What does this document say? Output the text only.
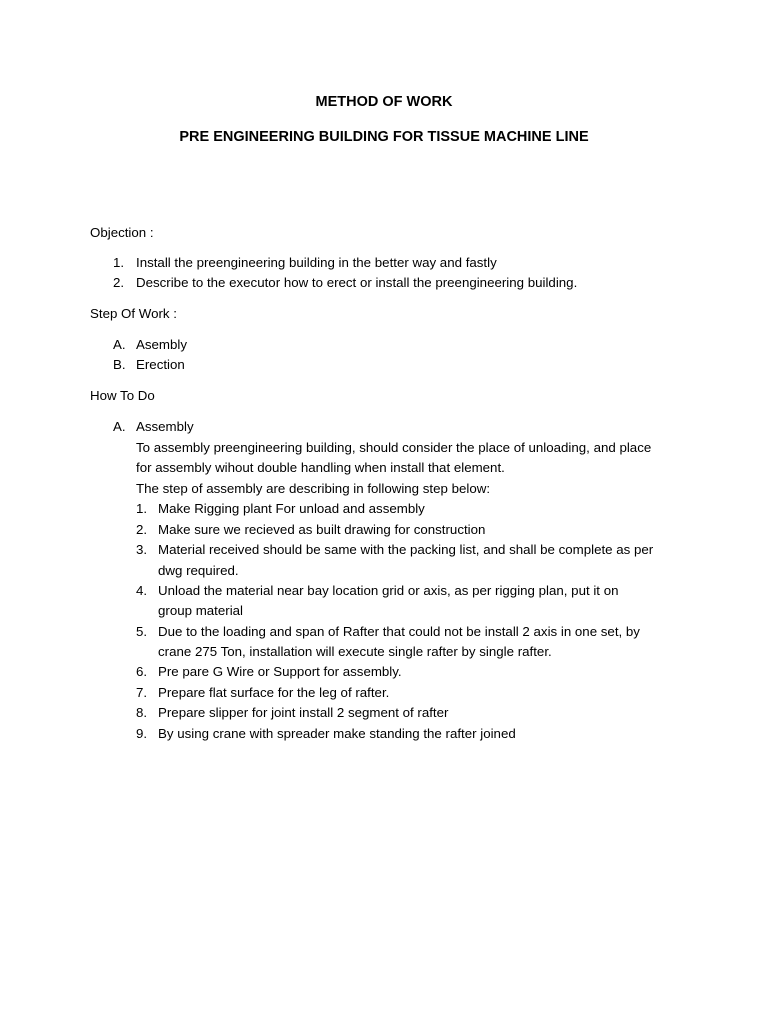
METHOD OF WORK
PRE ENGINEERING BUILDING FOR TISSUE MACHINE LINE
Objection :
1. Install the preengineering building in the better way and fastly
2. Describe to the executor how to erect or install the preengineering building.
Step Of Work :
A. Asembly
B. Erection
How To Do
A. Assembly
To assembly preengineering building, should consider the place of unloading, and place
for assembly wihout double handling when install that element.
The step of assembly are describing in following step below:
1. Make Rigging plant For unload and assembly
2. Make sure we recieved as built drawing for construction
3. Material received should be same with the packing list, and shall be complete as per
dwg required.
4. Unload the material near bay location grid or axis, as per rigging plan, put it on
group material
5. Due to the loading and span of Rafter that could not be install 2 axis in one set, by
crane 275 Ton, installation will execute single rafter by single rafter.
6. Pre pare G Wire or Support for assembly.
7. Prepare flat surface for the leg of rafter.
8. Prepare slipper for joint install 2 segment of rafter
9. By using crane with spreader make standing the rafter joined
